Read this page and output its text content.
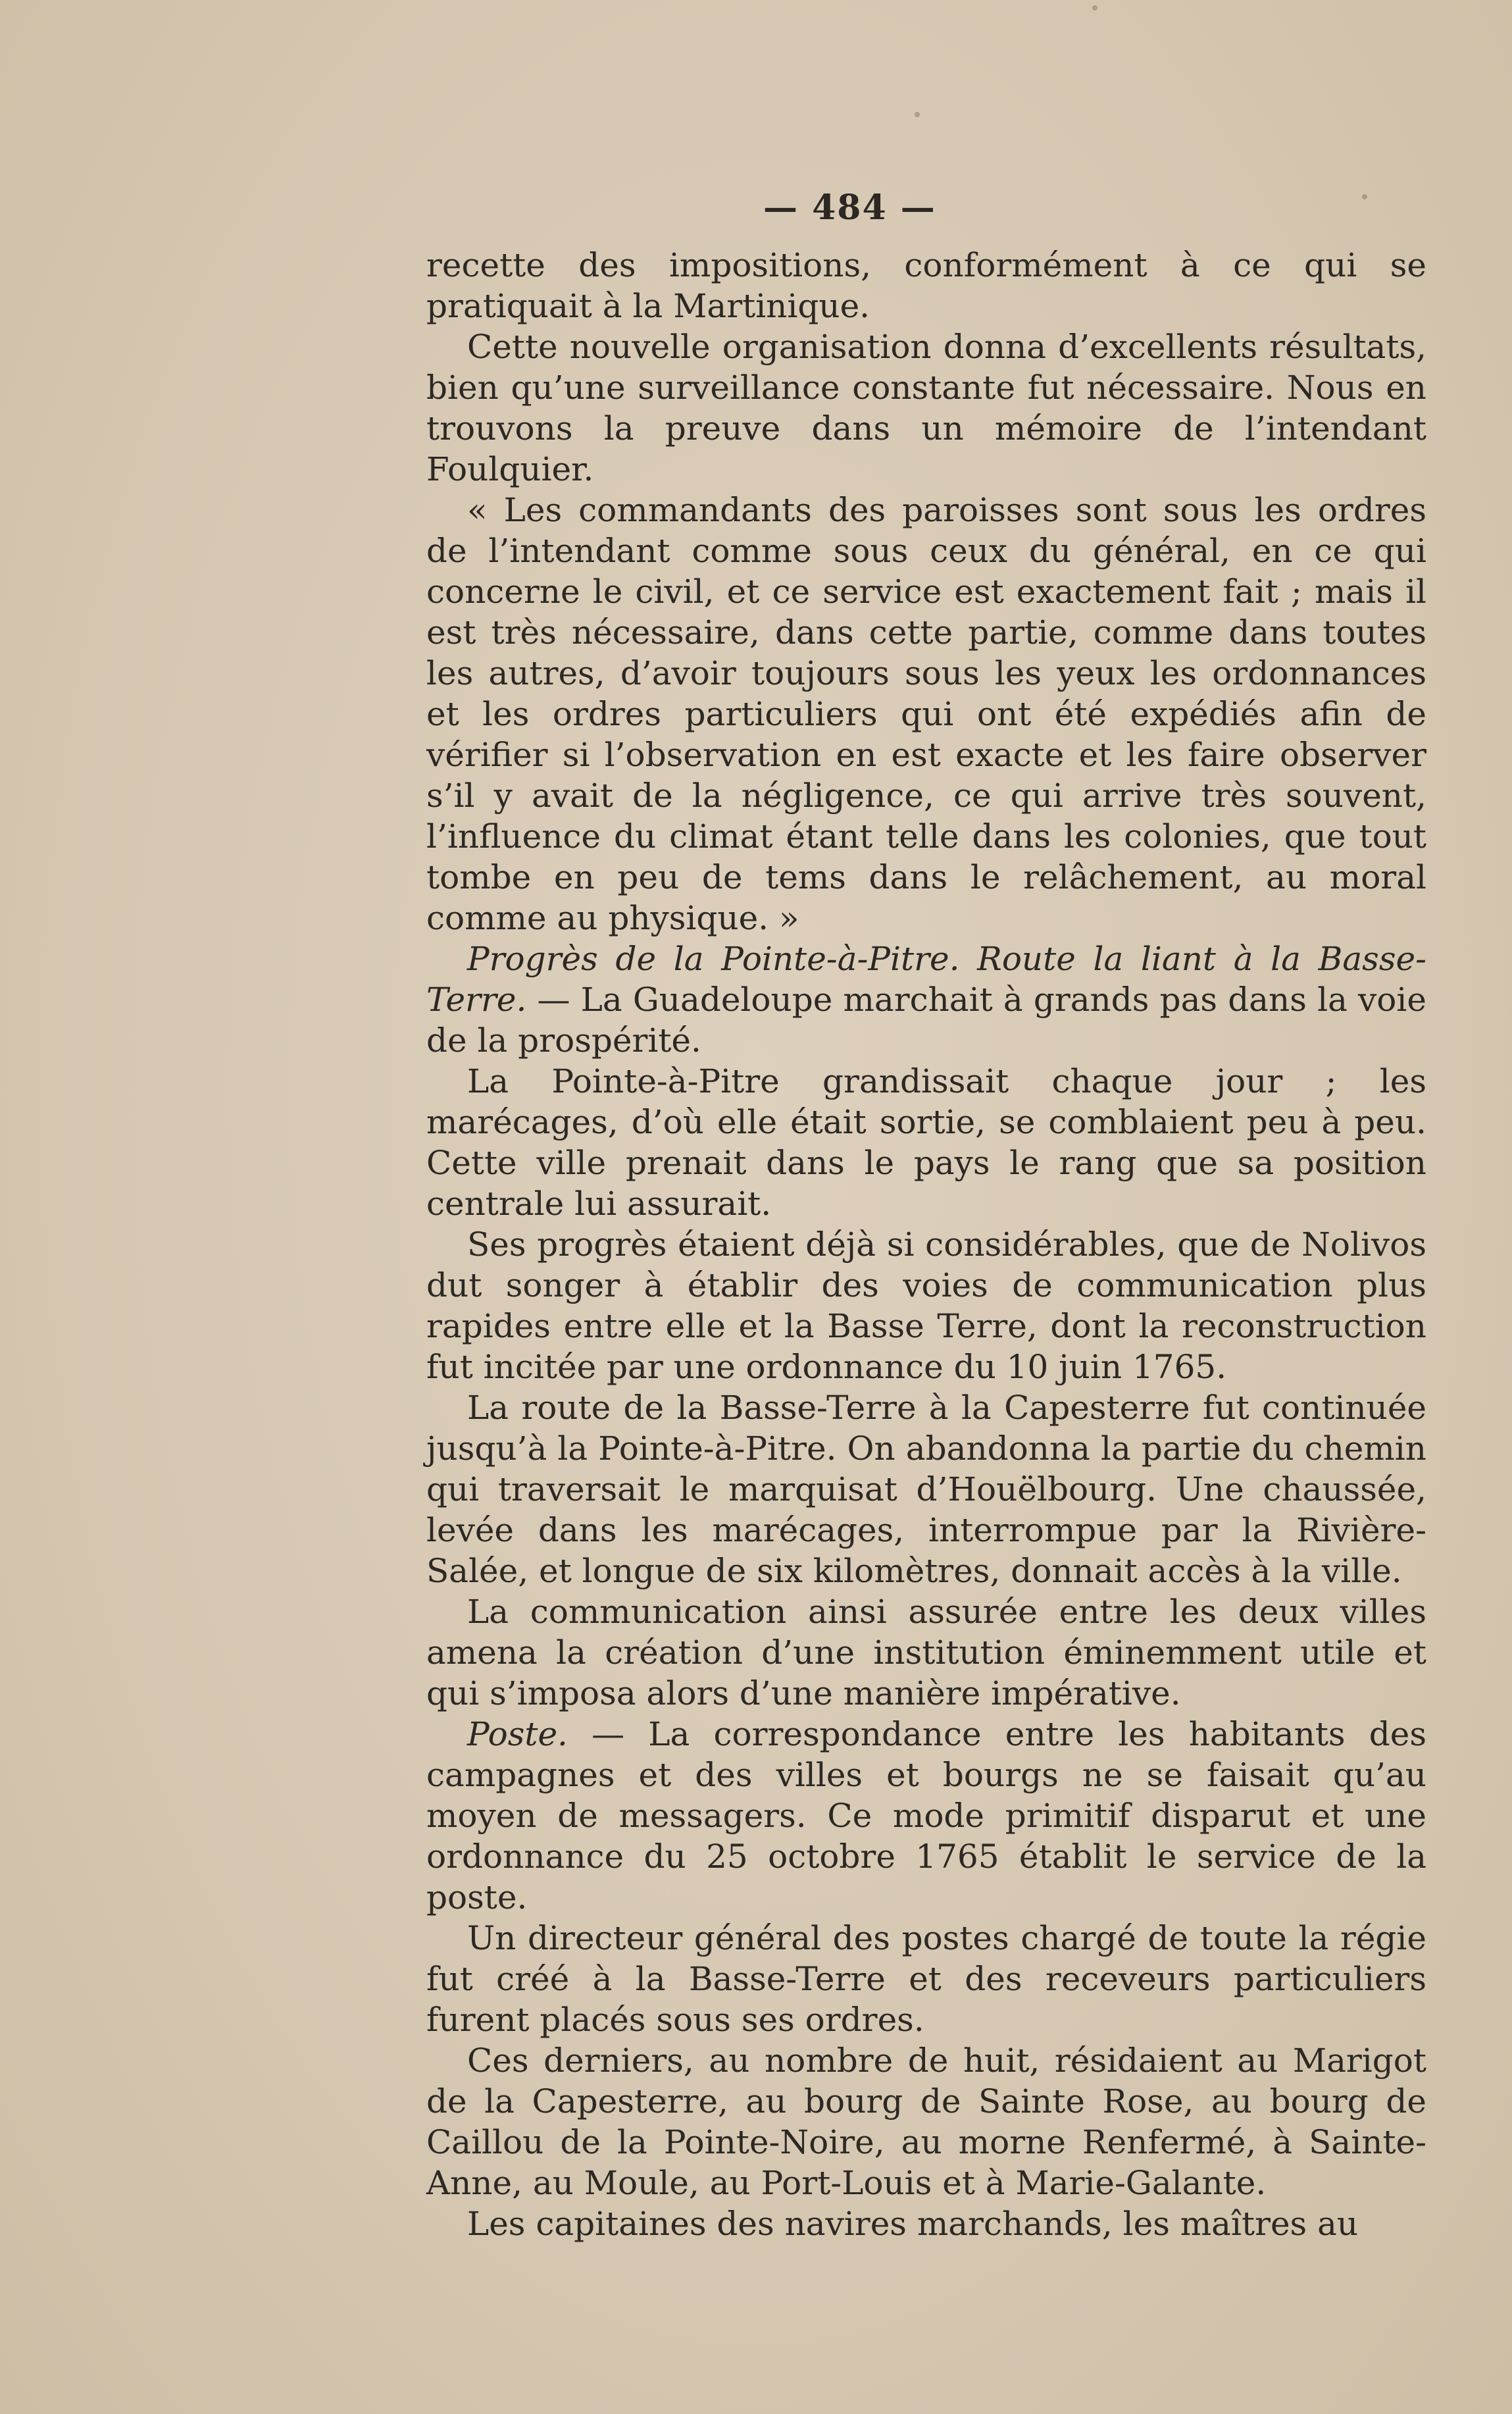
— 484 —

recette des impositions, conformément à ce qui se pratiquait à la Martinique.

Cette nouvelle organisation donna d’excellents résultats, bien qu’une surveillance constante fut nécessaire. Nous en trouvons la preuve dans un mémoire de l’intendant Foulquier.

« Les commandants des paroisses sont sous les ordres de l’intendant comme sous ceux du général, en ce qui concerne le civil, et ce service est exactement fait ; mais il est très nécessaire, dans cette partie, comme dans toutes les autres, d’avoir toujours sous les yeux les ordonnances et les ordres particuliers qui ont été expédiés afin de vérifier si l’observation en est exacte et les faire observer s’il y avait de la négligence, ce qui arrive très souvent, l’influence du climat étant telle dans les colonies, que tout tombe en peu de tems dans le relâchement, au moral comme au physique. »

Progrès de la Pointe-à-Pitre. Route la liant à la Basse-Terre. — La Guadeloupe marchait à grands pas dans la voie de la prospérité.

La Pointe-à-Pitre grandissait chaque jour ; les marécages, d’où elle était sortie, se comblaient peu à peu. Cette ville prenait dans le pays le rang que sa position centrale lui assurait.

Ses progrès étaient déjà si considérables, que de Nolivos dut songer à établir des voies de communication plus rapides entre elle et la Basse Terre, dont la reconstruction fut incitée par une ordonnance du 10 juin 1765.

La route de la Basse-Terre à la Capesterre fut continuée jusqu’à la Pointe-à-Pitre. On abandonna la partie du chemin qui traversait le marquisat d’Houëlbourg. Une chaussée, levée dans les marécages, interrompue par la Rivière-Salée, et longue de six kilomètres, donnait accès à la ville.

La communication ainsi assurée entre les deux villes amena la création d’une institution éminemment utile et qui s’imposa alors d’une manière impérative.

Poste. — La correspondance entre les habitants des campagnes et des villes et bourgs ne se faisait qu’au moyen de messagers. Ce mode primitif disparut et une ordonnance du 25 octobre 1765 établit le service de la poste.

Un directeur général des postes chargé de toute la régie fut créé à la Basse-Terre et des receveurs particuliers furent placés sous ses ordres.

Ces derniers, au nombre de huit, résidaient au Marigot de la Capesterre, au bourg de Sainte Rose, au bourg de Caillou de la Pointe-Noire, au morne Renfermé, à Sainte-Anne, au Moule, au Port-Louis et à Marie-Galante.

Les capitaines des navires marchands, les maîtres au
